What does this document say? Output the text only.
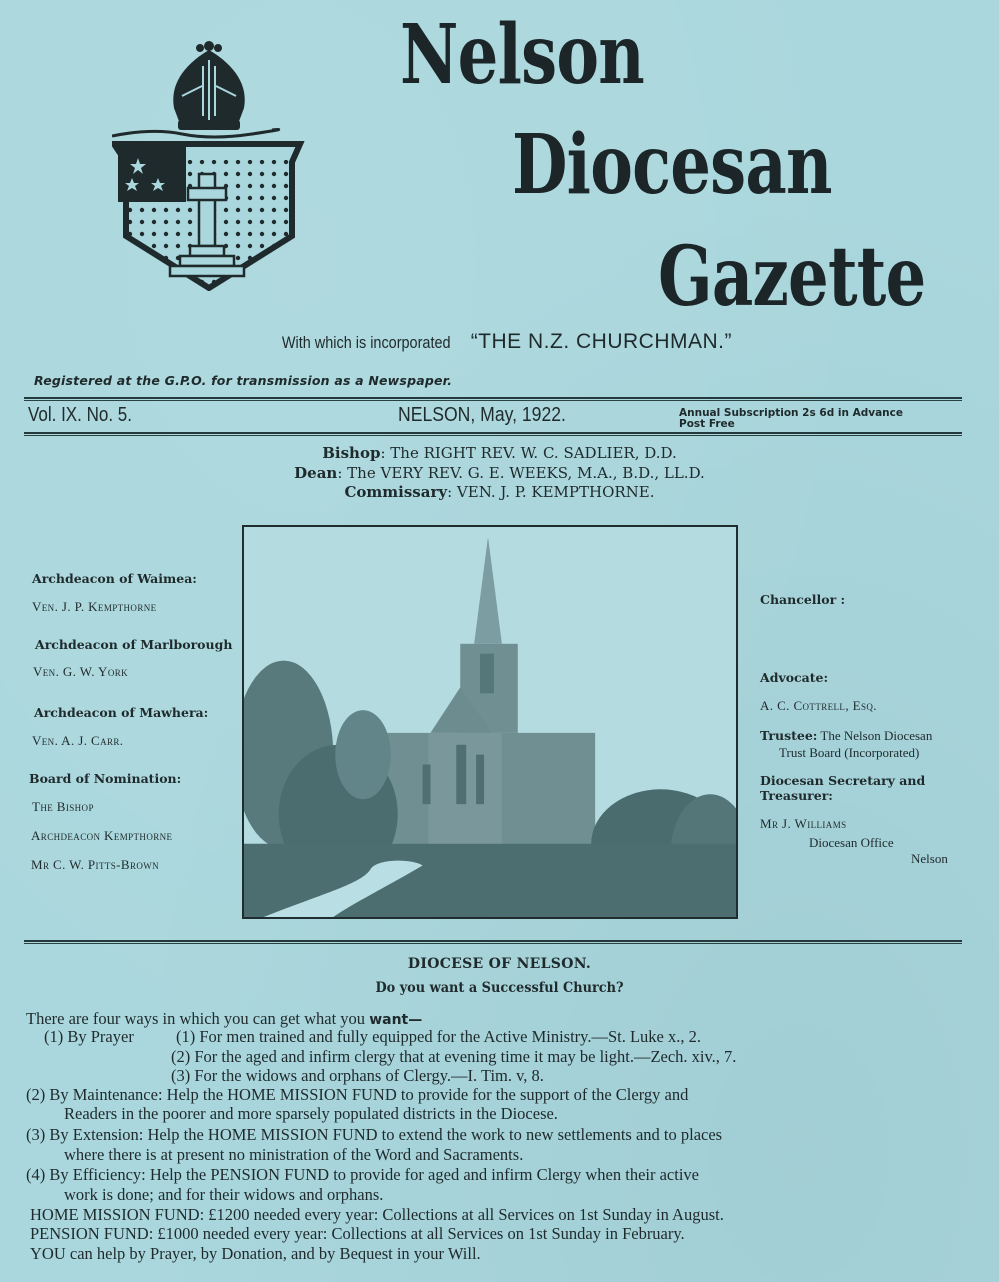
Nelson
Diocesan
Gazette
With which is incorporated “THE N.Z. CHURCHMAN.”
Registered at the G.P.O. for transmission as a Newspaper.
Vol. IX. No. 5.	NELSON, May, 1922.	Annual Subscription 2s 6d in Advance
Post Free
Bishop: The RIGHT REV. W. C. SADLIER, D.D.
Dean: The VERY REV. G. E. WEEKS, M.A., B.D., LL.D.
Commissary: VEN. J. P. KEMPTHORNE.
Archdeacon of Waimea:
Ven. J. P. Kempthorne
Archdeacon of Marlborough
Ven. G. W. York
Archdeacon of Mawhera:
Ven. A. J. Carr.
Board of Nomination:
The Bishop
Archdeacon Kempthorne
Mr C. W. Pitts-Brown
Chancellor :
Advocate:
A. C. Cottrell, Esq.
Trustee: The Nelson Diocesan
Trust Board (Incorporated)
Diocesan Secretary and
Treasurer:
Mr J. Williams
Diocesan Office
Nelson
DIOCESE OF NELSON.
Do you want a Successful Church?
There are four ways in which you can get what you want—
(1) By Prayer	(1) For men trained and fully equipped for the Active Ministry.—St. Luke x., 2.
(2) For the aged and infirm clergy that at evening time it may be light.—Zech. xiv., 7.
(3) For the widows and orphans of Clergy.—I. Tim. v, 8.
(2) By Maintenance: Help the HOME MISSION FUND to provide for the support of the Clergy and
Readers in the poorer and more sparsely populated districts in the Diocese.
(3) By Extension: Help the HOME MISSION FUND to extend the work to new settlements and to places
where there is at present no ministration of the Word and Sacraments.
(4) By Efficiency: Help the PENSION FUND to provide for aged and infirm Clergy when their active
work is done; and for their widows and orphans.
HOME MISSION FUND: £1200 needed every year: Collections at all Services on 1st Sunday in August.
PENSION FUND: £1000 needed every year: Collections at all Services on 1st Sunday in February.
YOU can help by Prayer, by Donation, and by Bequest in your Will.
